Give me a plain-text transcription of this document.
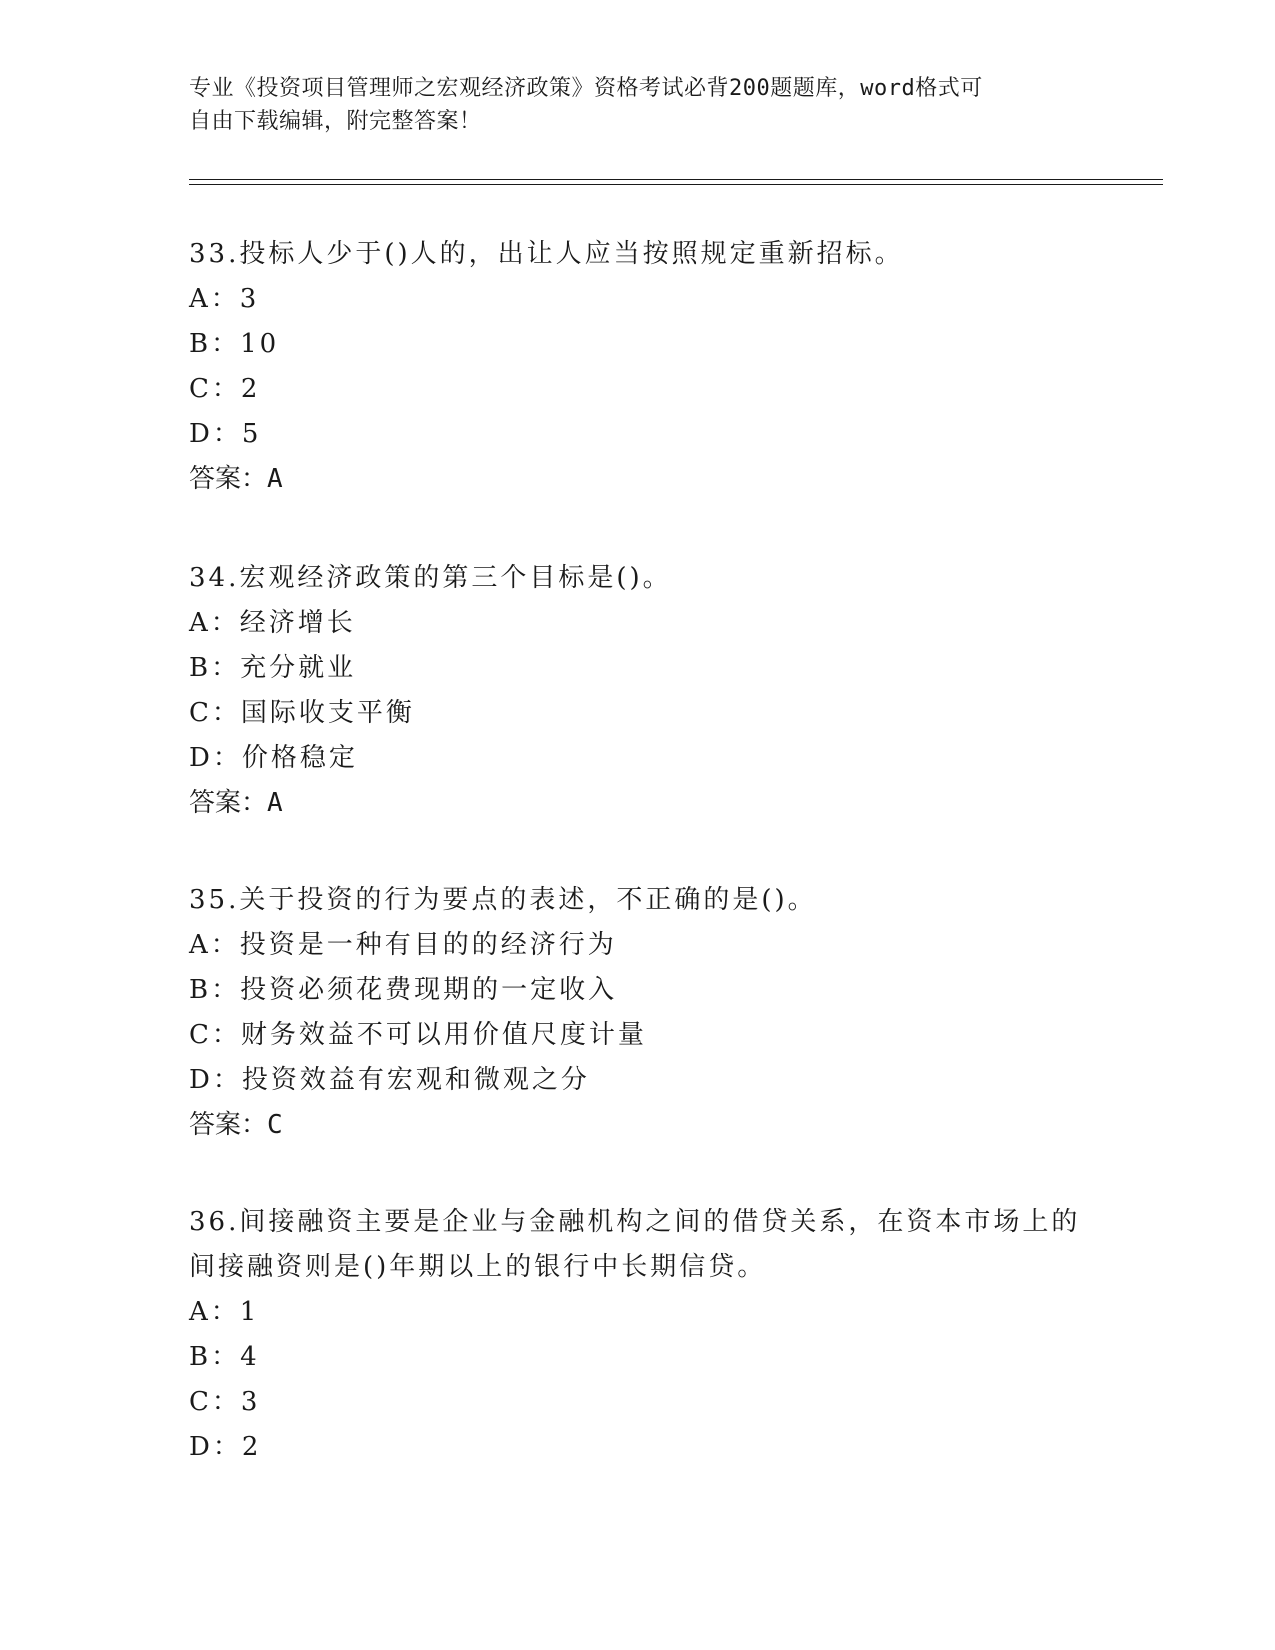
专业《投资项目管理师之宏观经济政策》资格考试必背200题题库，word格式可
自由下载编辑，附完整答案！

33.投标人少于()人的，出让人应当按照规定重新招标。

A：3

B：10

C：2

D：5

答案：A

34.宏观经济政策的第三个目标是()。

A：经济增长

B：充分就业

C：国际收支平衡

D：价格稳定

答案：A

35.关于投资的行为要点的表述，不正确的是()。

A：投资是一种有目的的经济行为

B：投资必须花费现期的一定收入

C：财务效益不可以用价值尺度计量

D：投资效益有宏观和微观之分

答案：C

36.间接融资主要是企业与金融机构之间的借贷关系，在资本市场上的

间接融资则是()年期以上的银行中长期信贷。

A：1

B：4

C：3

D：2
